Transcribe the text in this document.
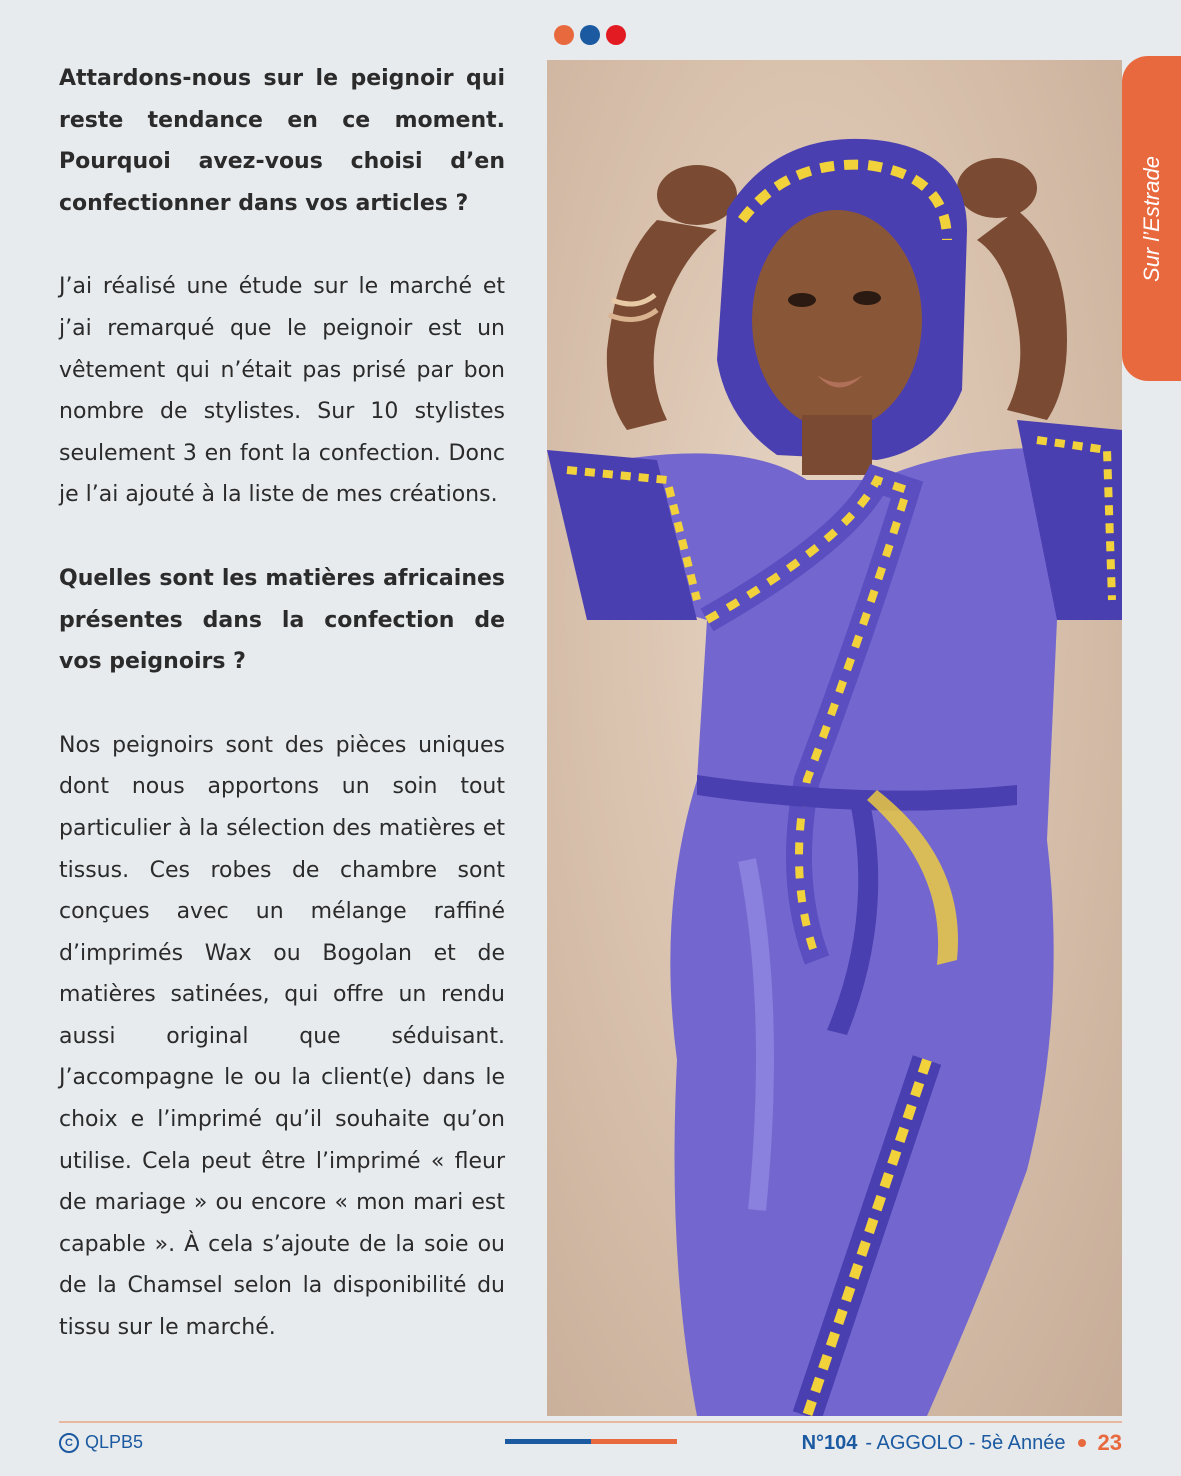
Attardons-nous sur le peignoir qui reste tendance en ce moment. Pourquoi avez-vous choisi d’en confectionner dans vos articles ?

J’ai réalisé une étude sur le marché et j’ai remarqué que le peignoir est un vêtement qui n’était pas prisé par bon nombre de stylistes. Sur 10 stylistes seulement 3 en font la confection. Donc je l’ai ajouté à la liste de mes créations.

Quelles sont les matières africaines présentes dans la confection de vos peignoirs ?

Nos peignoirs sont des pièces uniques dont nous apportons un soin tout particulier à la sélection des matières et tissus. Ces robes de chambre sont conçues avec un mélange raffiné d’imprimés Wax ou Bogolan et de matières satinées, qui offre un rendu aussi original que séduisant. J’accompagne le ou la client(e) dans le choix e l’imprimé qu’il souhaite qu’on utilise. Cela peut être l’imprimé « fleur de mariage » ou encore « mon mari est capable ». À cela s’ajoute de la soie ou de la Chamsel selon la disponibilité du tissu sur le marché.

Sur l’Estrade
C QLPB5	N°104 - AGGOLO - 5è Année 23
